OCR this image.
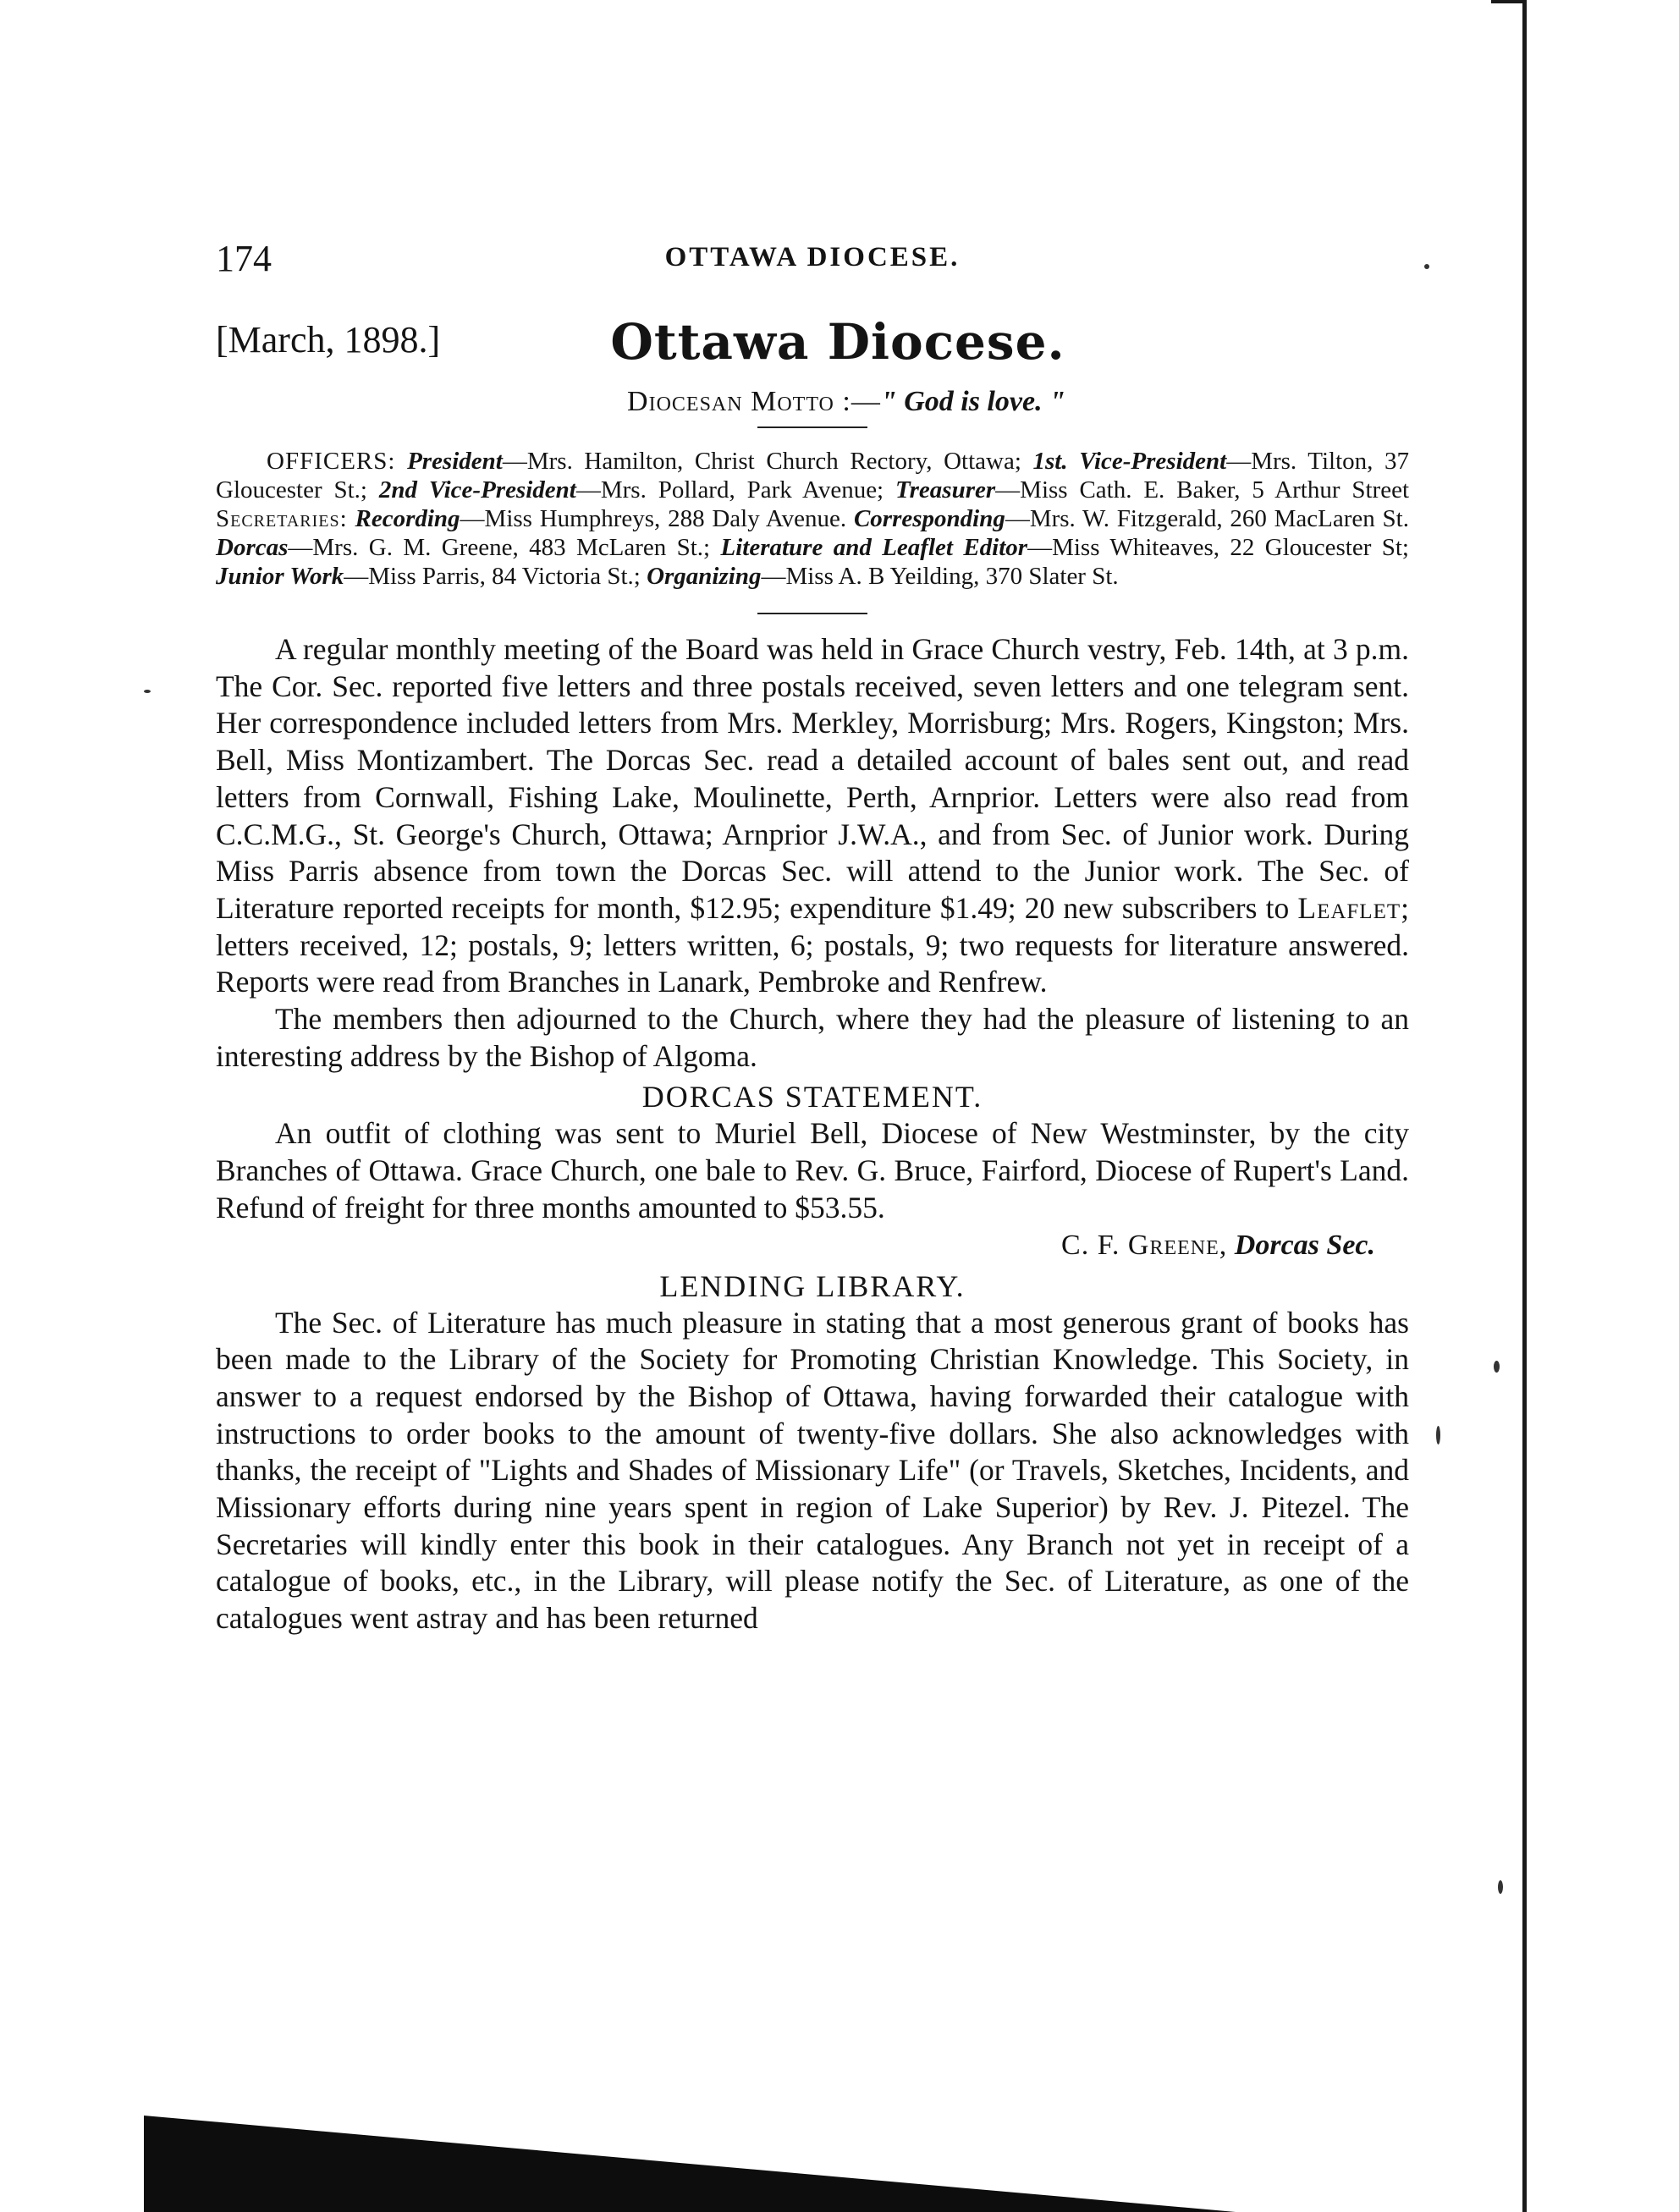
174	OTTAWA DIOCESE.
[March, 1898.]	Ottawa Diocese.
Diocesan Motto :—" God is love. "

OFFICERS: President—Mrs. Hamilton, Christ Church Rectory, Ottawa; 1st. Vice-President—Mrs. Tilton, 37 Gloucester St.; 2nd Vice-President—Mrs. Pollard, Park Avenue; Treasurer—Miss Cath. E. Baker, 5 Arthur Street Secretaries: Recording—Miss Humphreys, 288 Daly Avenue. Corresponding—Mrs. W. Fitzgerald, 260 MacLaren St. Dorcas—Mrs. G. M. Greene, 483 McLaren St.; Literature and Leaflet Editor—Miss Whiteaves, 22 Gloucester St; Junior Work—Miss Parris, 84 Victoria St.; Organizing—Miss A. B Yeilding, 370 Slater St.

A regular monthly meeting of the Board was held in Grace Church vestry, Feb. 14th, at 3 p.m. The Cor. Sec. reported five letters and three postals received, seven letters and one telegram sent. Her correspondence included letters from Mrs. Merkley, Morrisburg; Mrs. Rogers, Kingston; Mrs. Bell, Miss Montizambert. The Dorcas Sec. read a detailed account of bales sent out, and read letters from Cornwall, Fishing Lake, Moulinette, Perth, Arnprior. Letters were also read from C.C.M.G., St. George's Church, Ottawa; Arnprior J.W.A., and from Sec. of Junior work. During Miss Parris absence from town the Dorcas Sec. will attend to the Junior work. The Sec. of Literature reported receipts for month, $12.95; expenditure $1.49; 20 new subscribers to Leaflet; letters received, 12; postals, 9; letters written, 6; postals, 9; two requests for literature answered. Reports were read from Branches in Lanark, Pembroke and Renfrew.

The members then adjourned to the Church, where they had the pleasure of listening to an interesting address by the Bishop of Algoma.

DORCAS STATEMENT.

An outfit of clothing was sent to Muriel Bell, Diocese of New Westminster, by the city Branches of Ottawa. Grace Church, one bale to Rev. G. Bruce, Fairford, Diocese of Rupert's Land. Refund of freight for three months amounted to $53.55.

C. F. Greene, Dorcas Sec.
LENDING LIBRARY.

The Sec. of Literature has much pleasure in stating that a most generous grant of books has been made to the Library of the Society for Promoting Christian Knowledge. This Society, in answer to a request endorsed by the Bishop of Ottawa, having forwarded their catalogue with instructions to order books to the amount of twenty-five dollars. She also acknowledges with thanks, the receipt of "Lights and Shades of Missionary Life" (or Travels, Sketches, Incidents, and Missionary efforts during nine years spent in region of Lake Superior) by Rev. J. Pitezel. The Secretaries will kindly enter this book in their catalogues. Any Branch not yet in receipt of a catalogue of books, etc., in the Library, will please notify the Sec. of Literature, as one of the catalogues went astray and has been returned
